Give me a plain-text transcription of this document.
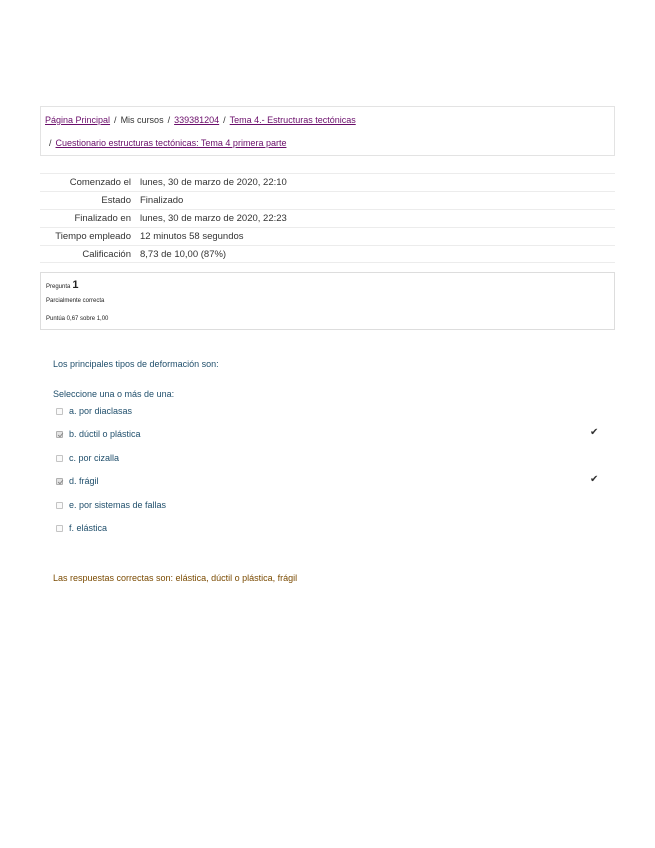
Página Principal / Mis cursos / 339381204 / Tema 4.- Estructuras tectónicas
/ Cuestionario estructuras tectónicas: Tema 4 primera parte
Comenzado el lunes, 30 de marzo de 2020, 22:10
Estado Finalizado
Finalizado en lunes, 30 de marzo de 2020, 22:23
Tiempo empleado 12 minutos 58 segundos
Calificación 8,73 de 10,00 (87%)
Pregunta 1
Parcialmente correcta
Puntúa 0,67 sobre 1,00
Los principales tipos de deformación son:
Seleccione una o más de una:
a. por diaclasas
b. dúctil o plástica	✔
c. por cizalla
d. frágil	✔
e. por sistemas de fallas
f. elástica
Las respuestas correctas son: elástica, dúctil o plástica, frágil
